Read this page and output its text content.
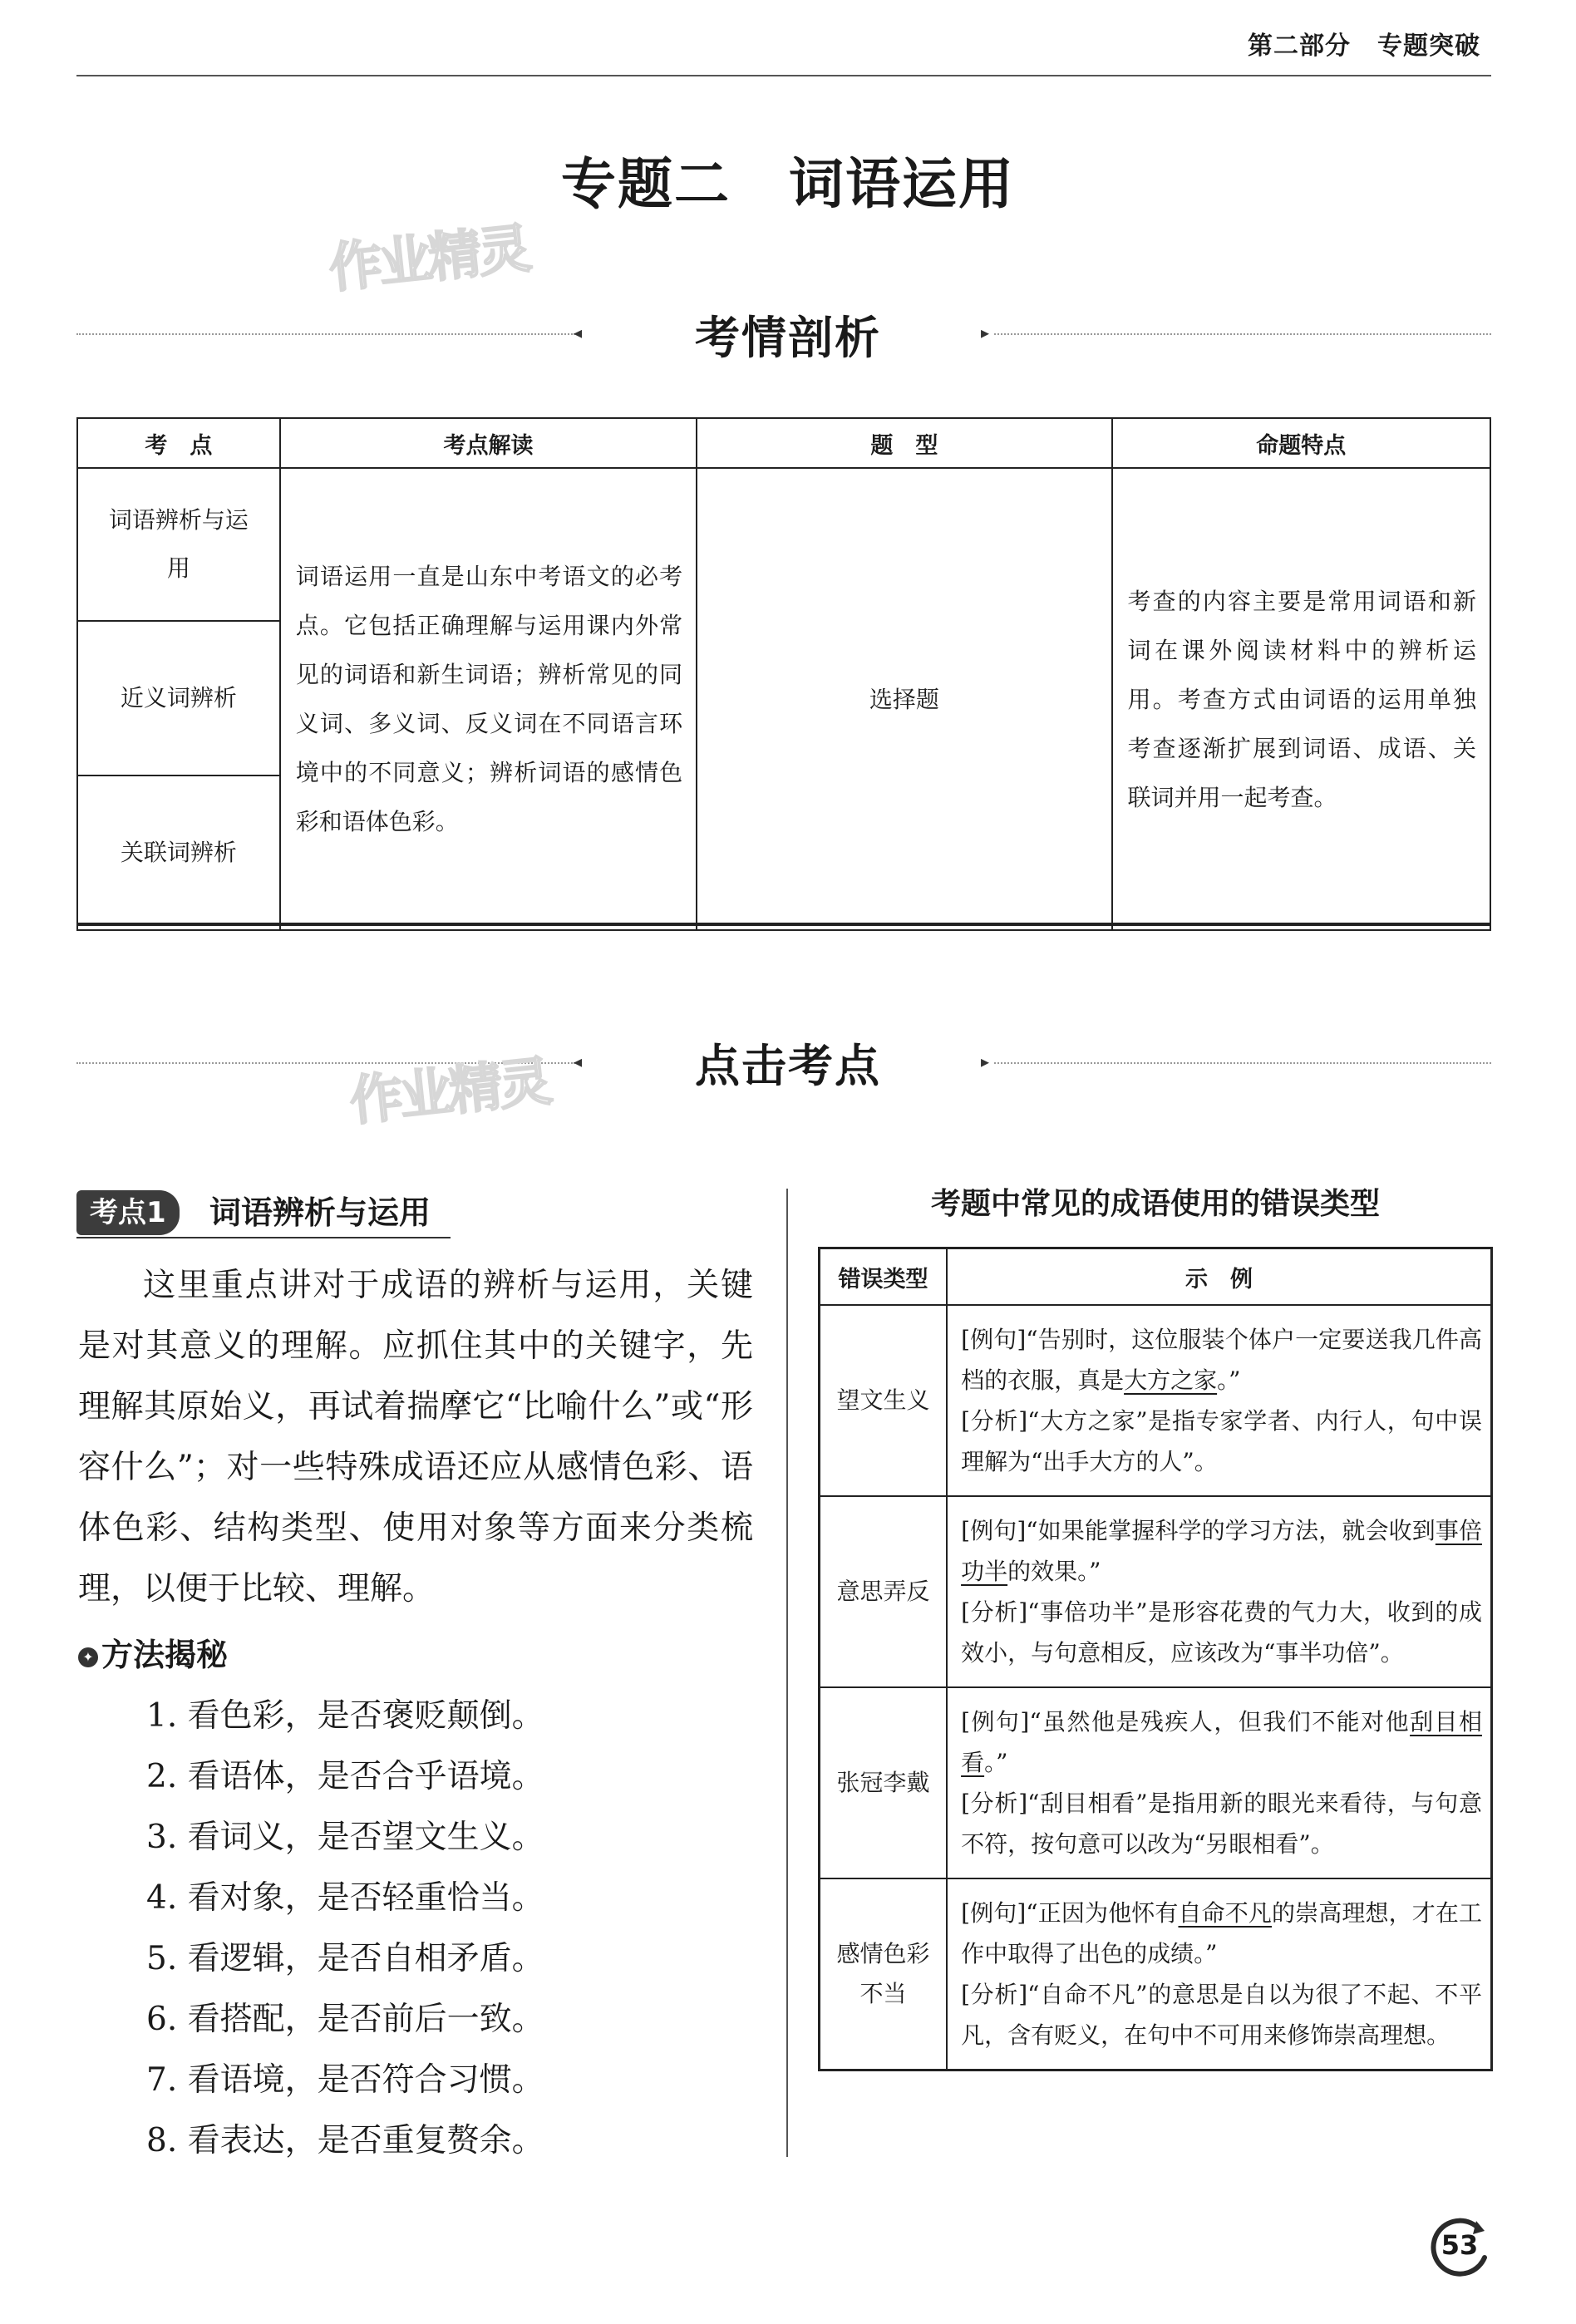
第二部分 专题突破
专题二 词语运用
作业精灵
◂	考情剖析	▸
考　点	考点解读	题　型	命题特点
词语辨析与运用	词语运用一直是山东中考语文的必考点。它包括正确理解与运用课内外常见的词语和新生词语；辨析常见的同义词、多义词、反义词在不同语言环境中的不同意义；辨析词语的感情色彩和语体色彩。	选择题	考查的内容主要是常用词语和新词在课外阅读材料中的辨析运用。考查方式由词语的运用单独考查逐渐扩展到词语、成语、关联词并用一起考查。
近义词辨析			
关联词辨析			
◂	点击考点	▸
作业精灵
考点1	词语辨析与运用

这里重点讲对于成语的辨析与运用，关键是对其意义的理解。应抓住其中的关键字，先理解其原始义，再试着揣摩它“比喻什么”或“形容什么”；对一些特殊成语还应从感情色彩、语体色彩、结构类型、使用对象等方面来分类梳理，以便于比较、理解。

✦ 方法揭秘
1. 看色彩，是否褒贬颠倒。
2. 看语体，是否合乎语境。
3. 看词义，是否望文生义。
4. 看对象，是否轻重恰当。
5. 看逻辑，是否自相矛盾。
6. 看搭配，是否前后一致。
7. 看语境，是否符合习惯。
8. 看表达，是否重复赘余。
考题中常见的成语使用的错误类型
错误类型	示　例
望文生义	[例句]“告别时，这位服装个体户一定要送我几件高档的衣服，真是大方之家。”
[分析]“大方之家”是指专家学者、内行人，句中误理解为“出手大方的人”。

意思弄反	[例句]“如果能掌握科学的学习方法，就会收到事倍功半的效果。”
[分析]“事倍功半”是形容花费的气力大，收到的成效小，与句意相反，应该改为“事半功倍”。

张冠李戴	[例句]“虽然他是残疾人，但我们不能对他刮目相看。”
[分析]“刮目相看”是指用新的眼光来看待，与句意不符，按句意可以改为“另眼相看”。

感情色彩不当	[例句]“正因为他怀有自命不凡的崇高理想，才在工作中取得了出色的成绩。”
[分析]“自命不凡”的意思是自以为很了不起、不平凡，含有贬义，在句中不可用来修饰崇高理想。
53
